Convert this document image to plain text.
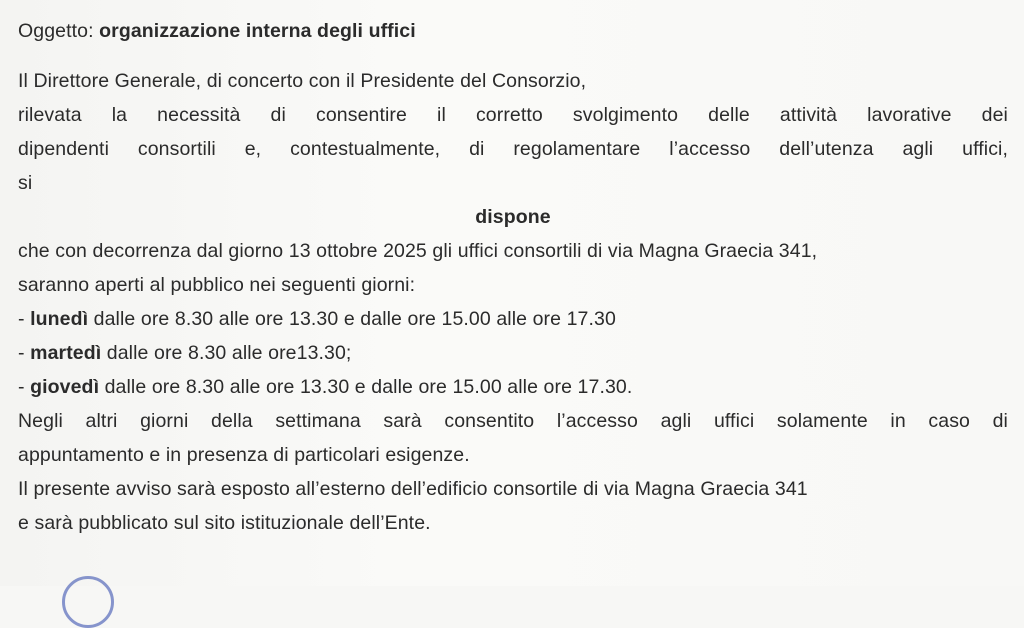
Oggetto: organizzazione interna degli uffici
Il Direttore Generale, di concerto con il Presidente del Consorzio,
rilevata la necessità di consentire il corretto svolgimento delle attività lavorative dei
dipendenti consortili e, contestualmente, di regolamentare l’accesso dell’utenza agli uffici,
si
dispone
che con decorrenza dal giorno 13 ottobre 2025 gli uffici consortili di via Magna Graecia 341,
saranno aperti al pubblico nei seguenti giorni:
- lunedì dalle ore 8.30 alle ore 13.30 e dalle ore 15.00 alle ore 17.30
- martedì dalle ore 8.30 alle ore13.30;
- giovedì dalle ore 8.30 alle ore 13.30 e dalle ore 15.00 alle ore 17.30.
Negli altri giorni della settimana sarà consentito l’accesso agli uffici solamente in caso di
appuntamento e in presenza di particolari esigenze.
Il presente avviso sarà esposto all’esterno dell’edificio consortile di via Magna Graecia 341
e sarà pubblicato sul sito istituzionale dell’Ente.
